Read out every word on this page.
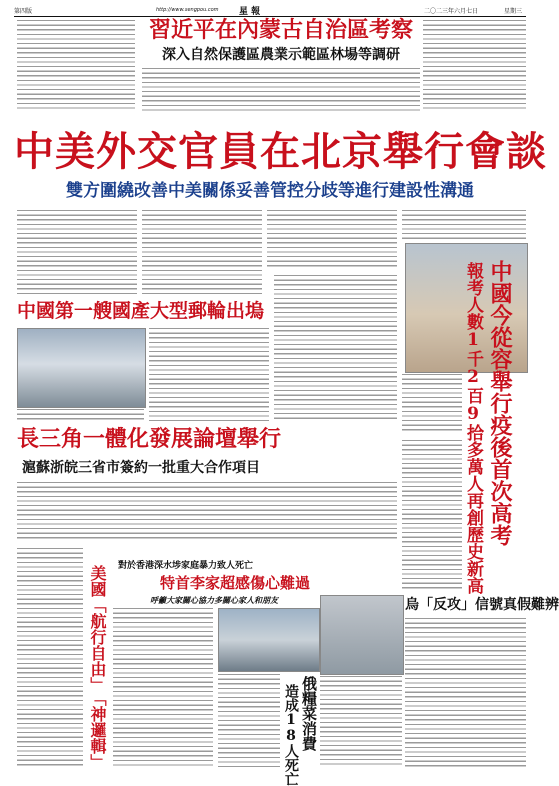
第四版	星 報
http://www.sengpou.com	二〇二三年六月七日	星期三
習近平在內蒙古自治區考察
深入自然保護區農業示範區林場等調研
中美外交官員在北京舉行會談
雙方圍繞改善中美關係妥善管控分歧等進行建設性溝通
中國第一艘國產大型郵輪出塢	中國今從容舉行疫後首次高考
報考人數1千2百9拾多萬人再創歷史新高
長三角一體化發展論壇舉行
滬蘇浙皖三省市簽約一批重大合作項目
美國「航行自由」
「神邏輯」
對於香港深水埗家庭暴力致人死亡
特首李家超感傷心難過
呼籲大家關心協力多關心家人和朋友
俄糧菜消費
造成18人死亡
烏「反攻」信號真假難辨
